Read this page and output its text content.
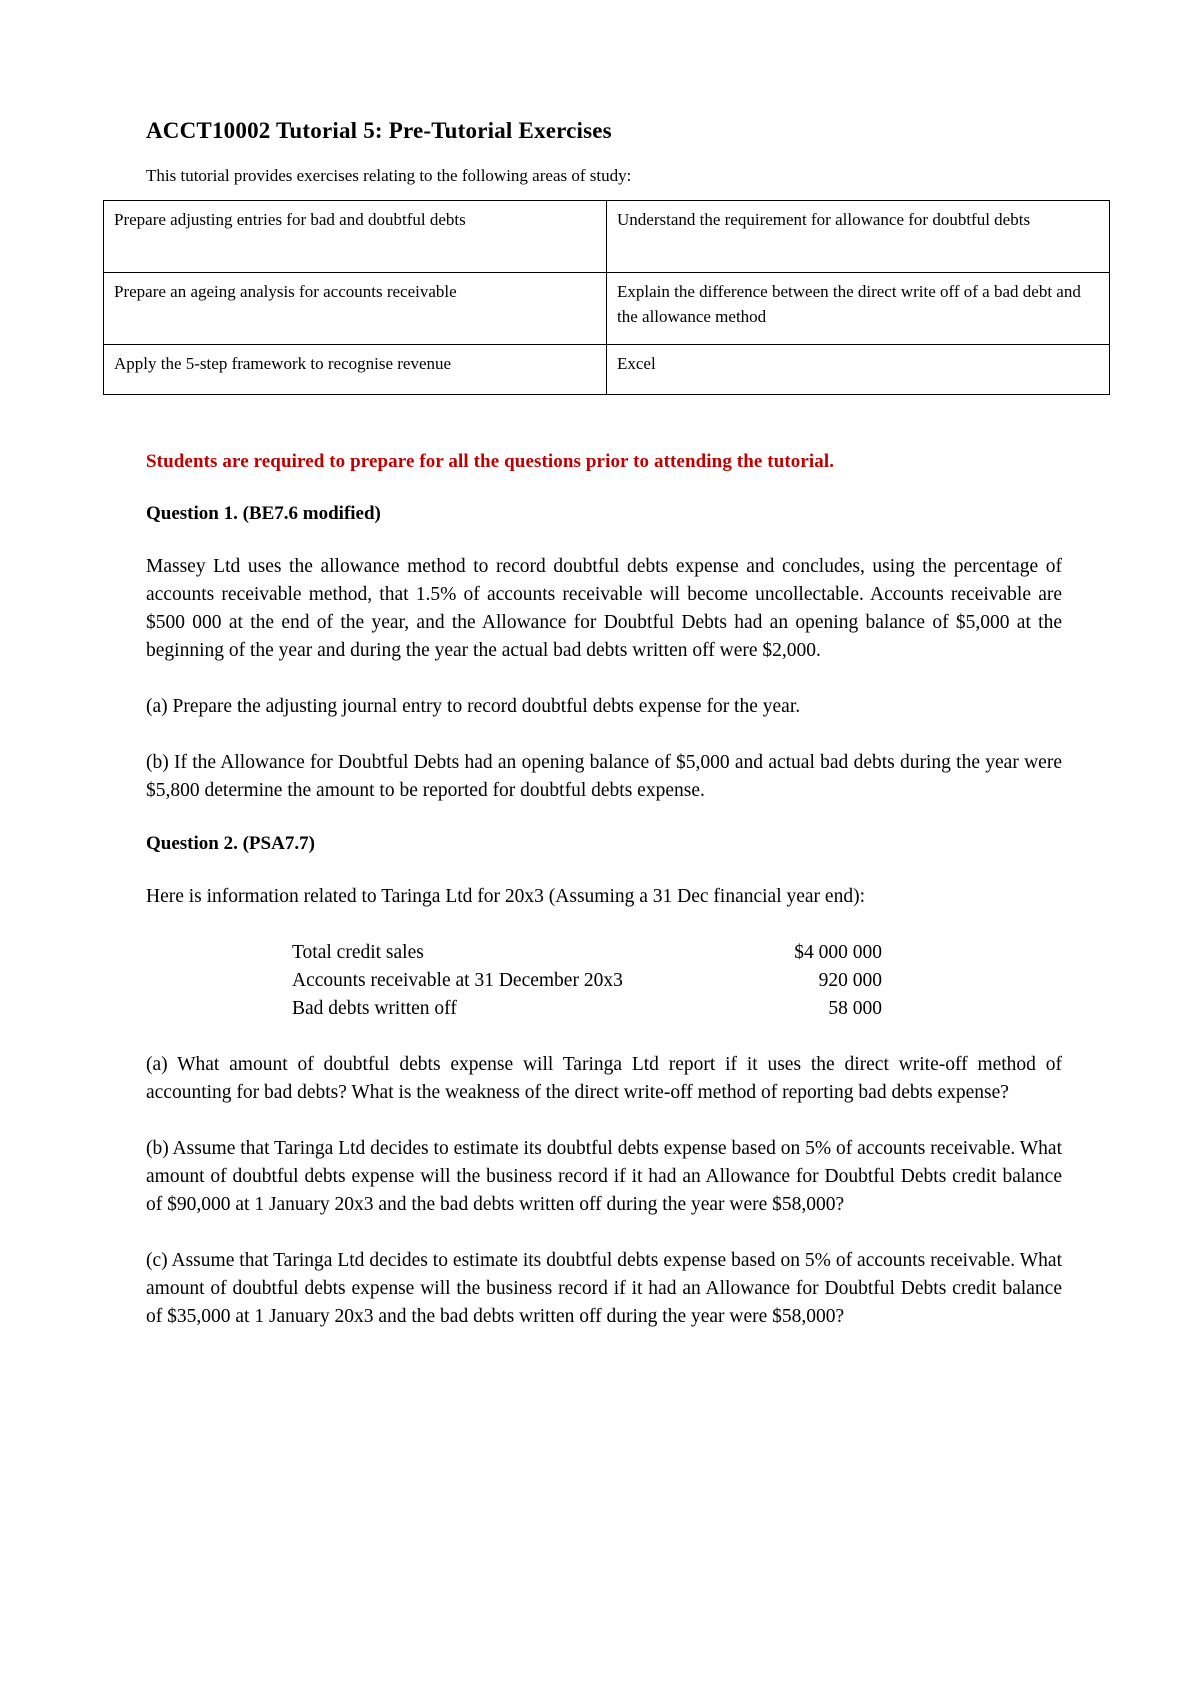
ACCT10002 Tutorial 5: Pre-Tutorial Exercises
This tutorial provides exercises relating to the following areas of study:
Prepare adjusting entries for bad and doubtful debts	Understand the requirement for allowance for doubtful debts
Prepare an ageing analysis for accounts receivable	Explain the difference between the direct write off of a bad debt and the allowance method
Apply the 5-step framework to recognise revenue	Excel
Students are required to prepare for all the questions prior to attending the tutorial.
Question 1. (BE7.6 modified)
Massey Ltd uses the allowance method to record doubtful debts expense and concludes, using the percentage of accounts receivable method, that 1.5% of accounts receivable will become uncollectable. Accounts receivable are $500 000 at the end of the year, and the Allowance for Doubtful Debts had an opening balance of $5,000 at the beginning of the year and during the year the actual bad debts written off were $2,000.
(a) Prepare the adjusting journal entry to record doubtful debts expense for the year.
(b) If the Allowance for Doubtful Debts had an opening balance of $5,000 and actual bad debts during the year were $5,800 determine the amount to be reported for doubtful debts expense.
Question 2. (PSA7.7)
Here is information related to Taringa Ltd for 20x3 (Assuming a 31 Dec financial year end):
Total credit sales	$4 000 000
Accounts receivable at 31 December 20x3	920 000
Bad debts written off	58 000
(a) What amount of doubtful debts expense will Taringa Ltd report if it uses the direct write-off method of accounting for bad debts? What is the weakness of the direct write-off method of reporting bad debts expense?
(b) Assume that Taringa Ltd decides to estimate its doubtful debts expense based on 5% of accounts receivable. What amount of doubtful debts expense will the business record if it had an Allowance for Doubtful Debts credit balance of $90,000 at 1 January 20x3 and the bad debts written off during the year were $58,000?
(c) Assume that Taringa Ltd decides to estimate its doubtful debts expense based on 5% of accounts receivable. What amount of doubtful debts expense will the business record if it had an Allowance for Doubtful Debts credit balance of $35,000 at 1 January 20x3 and the bad debts written off during the year were $58,000?
